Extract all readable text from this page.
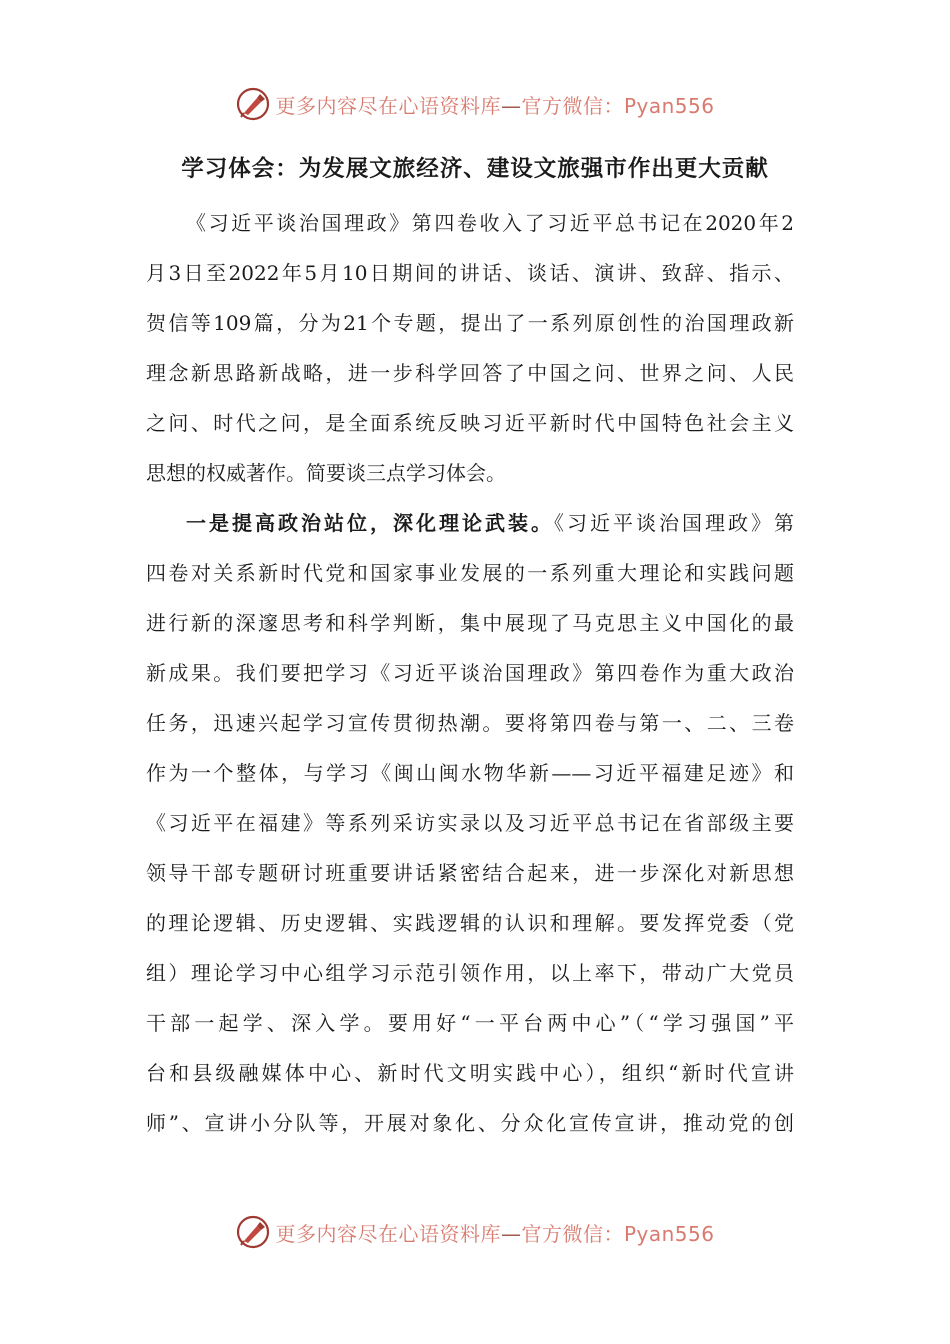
更多内容尽在心语资料库—官方微信：Pyan556
学习体会：为发展文旅经济、建设文旅强市作出更大贡献
《习近平谈治国理政》第四卷收入了习近平总书记在2020年2
月3日至2022年5月10日期间的讲话、谈话、演讲、致辞、指示、
贺信等109篇，分为21个专题，提出了一系列原创性的治国理政新
理念新思路新战略，进一步科学回答了中国之问、世界之问、人民
之问、时代之问，是全面系统反映习近平新时代中国特色社会主义
思想的权威著作。简要谈三点学习体会。
一是提高政治站位，深化理论武装。《习近平谈治国理政》第
四卷对关系新时代党和国家事业发展的一系列重大理论和实践问题
进行新的深邃思考和科学判断，集中展现了马克思主义中国化的最
新成果。我们要把学习《习近平谈治国理政》第四卷作为重大政治
任务，迅速兴起学习宣传贯彻热潮。要将第四卷与第一、二、三卷
作为一个整体，与学习《闽山闽水物华新——习近平福建足迹》和
《习近平在福建》等系列采访实录以及习近平总书记在省部级主要
领导干部专题研讨班重要讲话紧密结合起来，进一步深化对新思想
的理论逻辑、历史逻辑、实践逻辑的认识和理解。要发挥党委（党
组）理论学习中心组学习示范引领作用，以上率下，带动广大党员
干部一起学、深入学。要用好“一平台两中心”（“学习强国”平
台和县级融媒体中心、新时代文明实践中心），组织“新时代宣讲
师”、宣讲小分队等，开展对象化、分众化宣传宣讲，推动党的创
更多内容尽在心语资料库—官方微信：Pyan556
